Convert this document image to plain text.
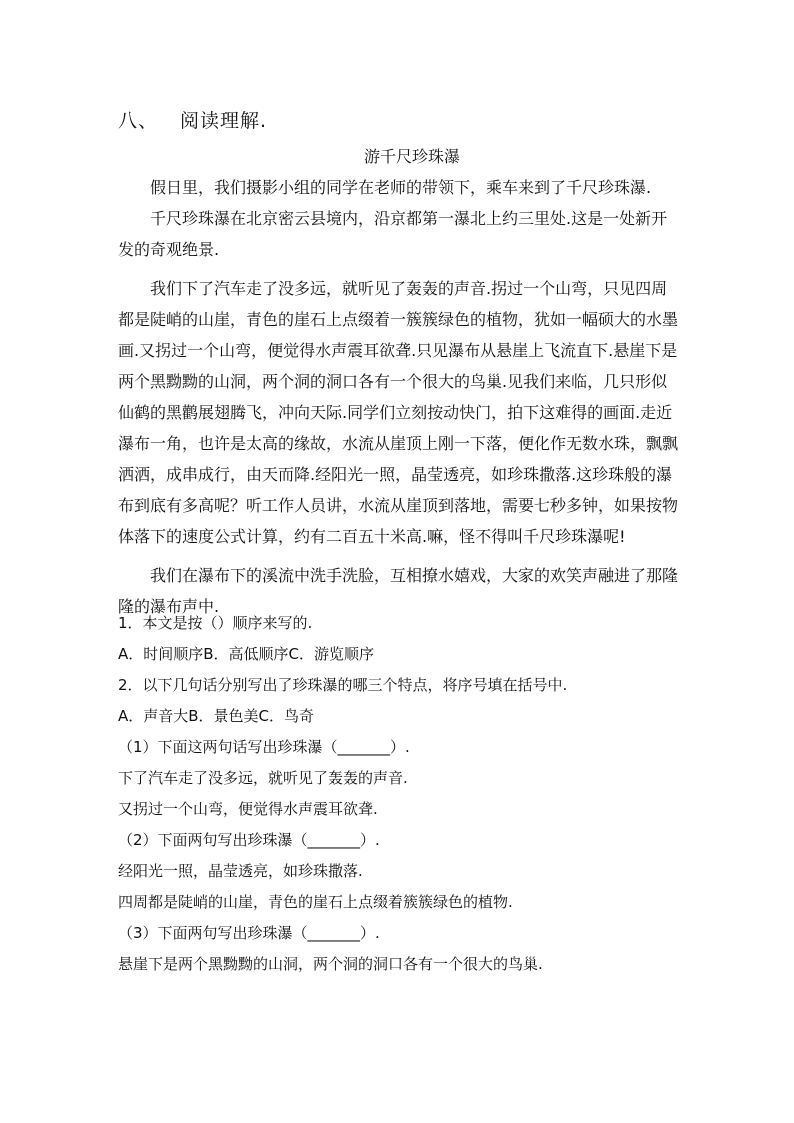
八、 阅读理解.
游千尺珍珠瀑

假日里，我们摄影小组的同学在老师的带领下，乘车来到了千尺珍珠瀑.

千尺珍珠瀑在北京密云县境内，沿京都第一瀑北上约三里处.这是一处新开发的奇观绝景.

我们下了汽车走了没多远，就听见了轰轰的声音.拐过一个山弯，只见四周都是陡峭的山崖，青色的崖石上点缀着一簇簇绿色的植物，犹如一幅硕大的水墨画.又拐过一个山弯，便觉得水声震耳欲聋.只见瀑布从悬崖上飞流直下.悬崖下是两个黑黝黝的山洞，两个洞的洞口各有一个很大的鸟巢.见我们来临，几只形似仙鹤的黑鹳展翅腾飞，冲向天际.同学们立刻按动快门，拍下这难得的画面.走近瀑布一角，也许是太高的缘故，水流从崖顶上刚一下落，便化作无数水珠，飘飘洒洒，成串成行，由天而降.经阳光一照，晶莹透亮，如珍珠撒落.这珍珠般的瀑布到底有多高呢？听工作人员讲，水流从崖顶到落地，需要七秒多钟，如果按物体落下的速度公式计算，约有二百五十米高.嘛，怪不得叫千尺珍珠瀑呢!

我们在瀑布下的溪流中洗手洗脸，互相撩水嬉戏，大家的欢笑声融进了那隆隆的瀑布声中.

1．本文是按（）顺序来写的.
A．时间顺序B．高低顺序C．游览顺序
2．以下几句话分别写出了珍珠瀑的哪三个特点，将序号填在括号中.
A．声音大B．景色美C．鸟奇
（1）下面这两句话写出珍珠瀑（_______）.
下了汽车走了没多远，就听见了轰轰的声音.
又拐过一个山弯，便觉得水声震耳欲聋.
（2）下面两句写出珍珠瀑（_______）.
经阳光一照，晶莹透亮，如珍珠撒落.
四周都是陡峭的山崖，青色的崖石上点缀着簇簇绿色的植物.
（3）下面两句写出珍珠瀑（_______）.
悬崖下是两个黑黝黝的山洞，两个洞的洞口各有一个很大的鸟巢.
